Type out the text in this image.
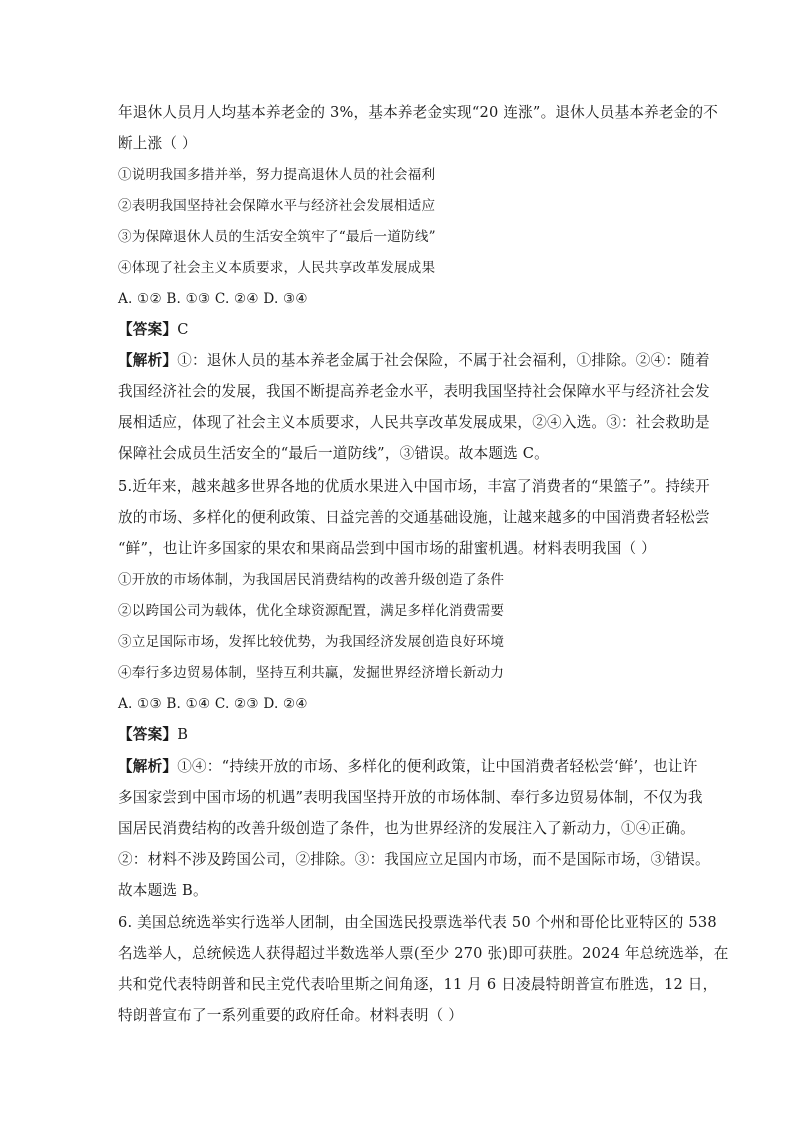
年退休人员月人均基本养老金的 3%，基本养老金实现“20 连涨”。退休人员基本养老金的不
断上涨（ ）
①说明我国多措并举，努力提高退休人员的社会福利
②表明我国坚持社会保障水平与经济社会发展相适应
③为保障退休人员的生活安全筑牢了“最后一道防线”
④体现了社会主义本质要求，人民共享改革发展成果
A. ①② B. ①③ C. ②④ D. ③④
【答案】C
【解析】①：退休人员的基本养老金属于社会保险，不属于社会福利，①排除。②④：随着
我国经济社会的发展，我国不断提高养老金水平，表明我国坚持社会保障水平与经济社会发
展相适应，体现了社会主义本质要求，人民共享改革发展成果，②④入选。③：社会救助是
保障社会成员生活安全的“最后一道防线”，③错误。故本题选 C。
5.近年来，越来越多世界各地的优质水果进入中国市场，丰富了消费者的“果篮子”。持续开
放的市场、多样化的便利政策、日益完善的交通基础设施，让越来越多的中国消费者轻松尝
“鲜”，也让许多国家的果农和果商品尝到中国市场的甜蜜机遇。材料表明我国（ ）
①开放的市场体制，为我国居民消费结构的改善升级创造了条件
②以跨国公司为载体，优化全球资源配置，满足多样化消费需要
③立足国际市场，发挥比较优势，为我国经济发展创造良好环境
④奉行多边贸易体制，坚持互利共赢，发掘世界经济增长新动力
A. ①③ B. ①④ C. ②③ D. ②④
【答案】B
【解析】①④：“持续开放的市场、多样化的便利政策，让中国消费者轻松尝‘鲜’，也让许
多国家尝到中国市场的机遇”表明我国坚持开放的市场体制、奉行多边贸易体制，不仅为我
国居民消费结构的改善升级创造了条件，也为世界经济的发展注入了新动力，①④正确。
②：材料不涉及跨国公司，②排除。③：我国应立足国内市场，而不是国际市场，③错误。
故本题选 B。
6. 美国总统选举实行选举人团制，由全国选民投票选举代表 50 个州和哥伦比亚特区的 538
名选举人，总统候选人获得超过半数选举人票(至少 270 张)即可获胜。2024 年总统选举，在
共和党代表特朗普和民主党代表哈里斯之间角逐，11 月 6 日凌晨特朗普宣布胜选，12 日，
特朗普宣布了一系列重要的政府任命。材料表明（ ）
